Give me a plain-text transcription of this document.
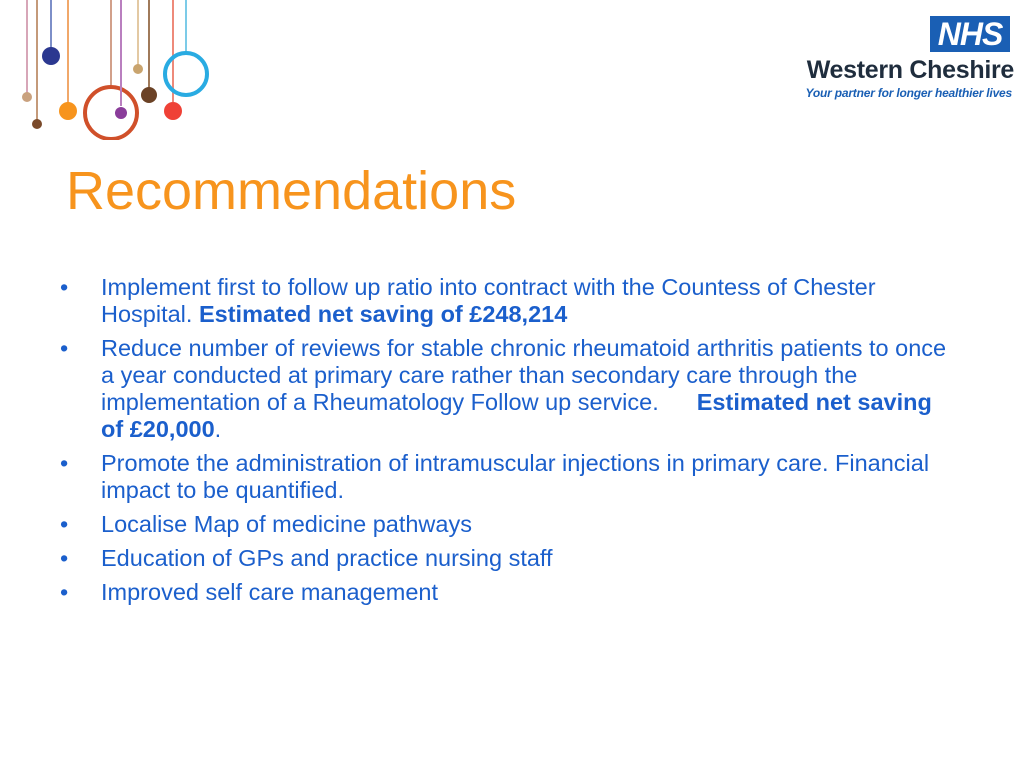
NHS
Western Cheshire
Your partner for longer healthier lives
Recommendations
• Implement first to follow up ratio into contract with the Countess of Chester Hospital. Estimated net saving of £248,214
• Reduce number of reviews for stable chronic rheumatoid arthritis patients to once a year conducted at primary care rather than secondary care through the implementation of a Rheumatology Follow up service. Estimated net saving of £20,000.
• Promote the administration of intramuscular injections in primary care. Financial impact to be quantified.
• Localise Map of medicine pathways
• Education of GPs and practice nursing staff
• Improved self care management
